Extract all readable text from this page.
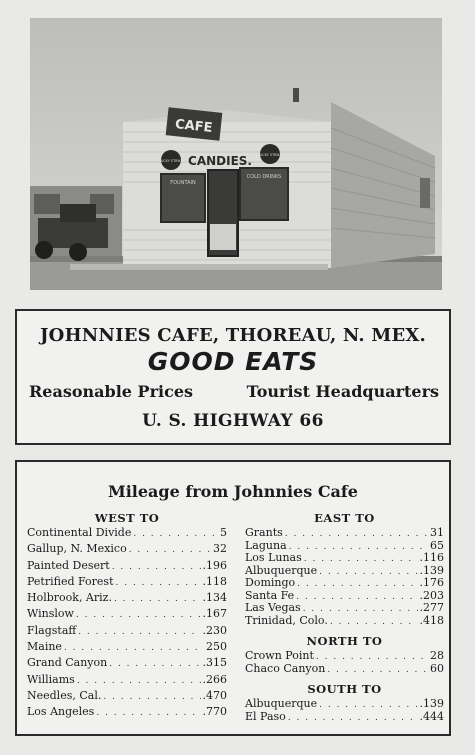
CAFE
CANDIES.
LUCKY STRIKE
LUCKY STRIKE
FOUNTAIN
COLD DRINKS
JOHNNIES CAFE, THOREAU, N. MEX.
GOOD EATS
Reasonable Prices	Tourist Headquarters
U. S. HIGHWAY 66
Mileage from Johnnies Cafe
WEST TO
Continental Divide . . .	5
Gallup, N. Mexico . . .	32
Painted Desert . . .	.196
Petrified Forest . . .	.118
Holbrook, Ariz. . . .	.134
Winslow . . .	.167
Flagstaff . . .	.230
Maine . . .	250
Grand Canyon . . .	.315
Williams . . .	.266
Needles, Cal. . . .	.470
Los Angeles . . .	.770
EAST TO
Grants . . .	31
Laguna . . .	65
Los Lunas . . .	.116
Albuquerque . . .	.139
Domingo . . .	.176
Santa Fe . . .	.203
Las Vegas . . .	.277
Trinidad, Colo. . . .	.418
NORTH TO
Crown Point . . .	28
Chaco Canyon . . .	60
SOUTH TO
Albuquerque . . .	.139
El Paso . . .	.444
